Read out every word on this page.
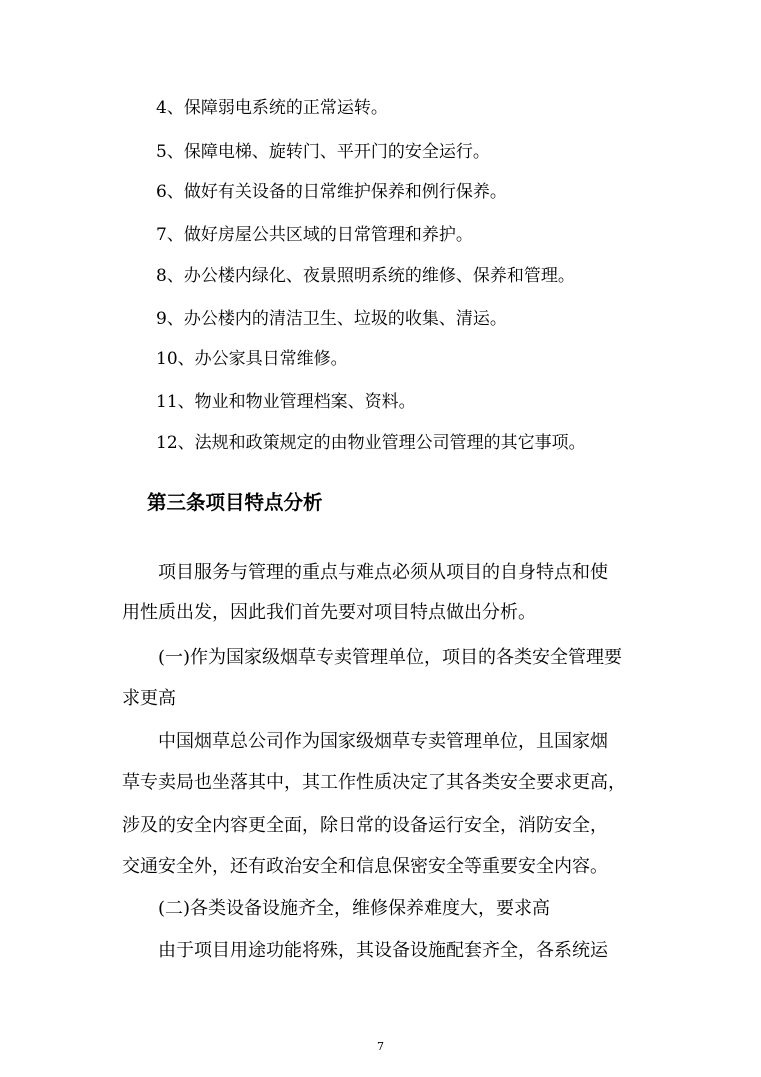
4、保障弱电系统的正常运转。
5、保障电梯、旋转门、平开门的安全运行。
6、做好有关设备的日常维护保养和例行保养。
7、做好房屋公共区域的日常管理和养护。
8、办公楼内绿化、夜景照明系统的维修、保养和管理。
9、办公楼内的清洁卫生、垃圾的收集、清运。
10、办公家具日常维修。
11、物业和物业管理档案、资料。
12、法规和政策规定的由物业管理公司管理的其它事项。
第三条项目特点分析
项目服务与管理的重点与难点必须从项目的自身特点和使
用性质出发，因此我们首先要对项目特点做出分析。
(一)作为国家级烟草专卖管理单位，项目的各类安全管理要
求更高
中国烟草总公司作为国家级烟草专卖管理单位，且国家烟
草专卖局也坐落其中，其工作性质决定了其各类安全要求更高，
涉及的安全内容更全面，除日常的设备运行安全，消防安全，
交通安全外，还有政治安全和信息保密安全等重要安全内容。
(二)各类设备设施齐全，维修保养难度大，要求高
由于项目用途功能将殊，其设备设施配套齐全，各系统运
7
